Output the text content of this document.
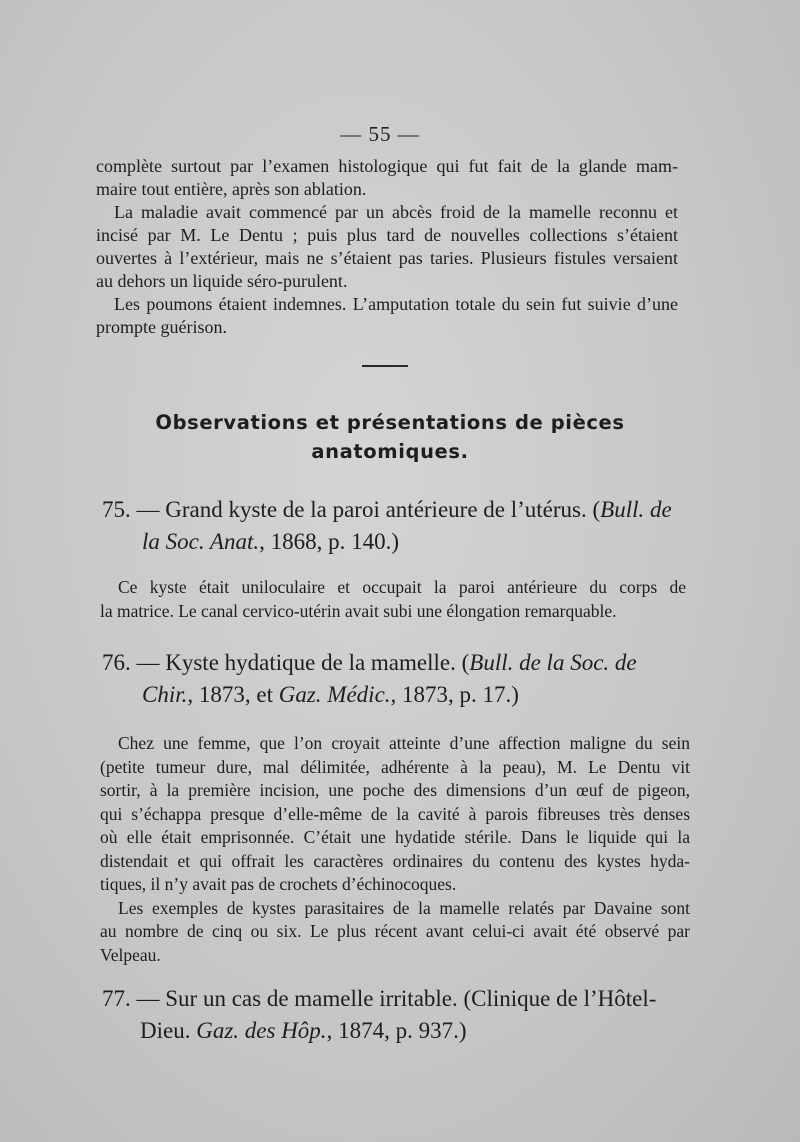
— 55 —
complète surtout par l’examen histologique qui fut fait de la glande mam-
maire tout entière, après son ablation.
La maladie avait commencé par un abcès froid de la mamelle reconnu et
incisé par M. Le Dentu ; puis plus tard de nouvelles collections s’étaient
ouvertes à l’extérieur, mais ne s’étaient pas taries. Plusieurs fistules versaient
au dehors un liquide séro-purulent.
Les poumons étaient indemnes. L’amputation totale du sein fut suivie d’une
prompte guérison.
Observations et présentations de pièces
anatomiques.
75. — Grand kyste de la paroi antérieure de l’utérus. (Bull. de
la Soc. Anat., 1868, p. 140.)
Ce kyste était uniloculaire et occupait la paroi antérieure du corps de
la matrice. Le canal cervico-utérin avait subi une élongation remarquable.
76. — Kyste hydatique de la mamelle. (Bull. de la Soc. de
Chir., 1873, et Gaz. Médic., 1873, p. 17.)
Chez une femme, que l’on croyait atteinte d’une affection maligne du sein
(petite tumeur dure, mal délimitée, adhérente à la peau), M. Le Dentu vit
sortir, à la première incision, une poche des dimensions d’un œuf de pigeon,
qui s’échappa presque d’elle-même de la cavité à parois fibreuses très denses
où elle était emprisonnée. C’était une hydatide stérile. Dans le liquide qui la
distendait et qui offrait les caractères ordinaires du contenu des kystes hyda-
tiques, il n’y avait pas de crochets d’échinocoques.
Les exemples de kystes parasitaires de la mamelle relatés par Davaine sont
au nombre de cinq ou six. Le plus récent avant celui-ci avait été observé par
Velpeau.
77. — Sur un cas de mamelle irritable. (Clinique de l’Hôtel-
Dieu. Gaz. des Hôp., 1874, p. 937.)
